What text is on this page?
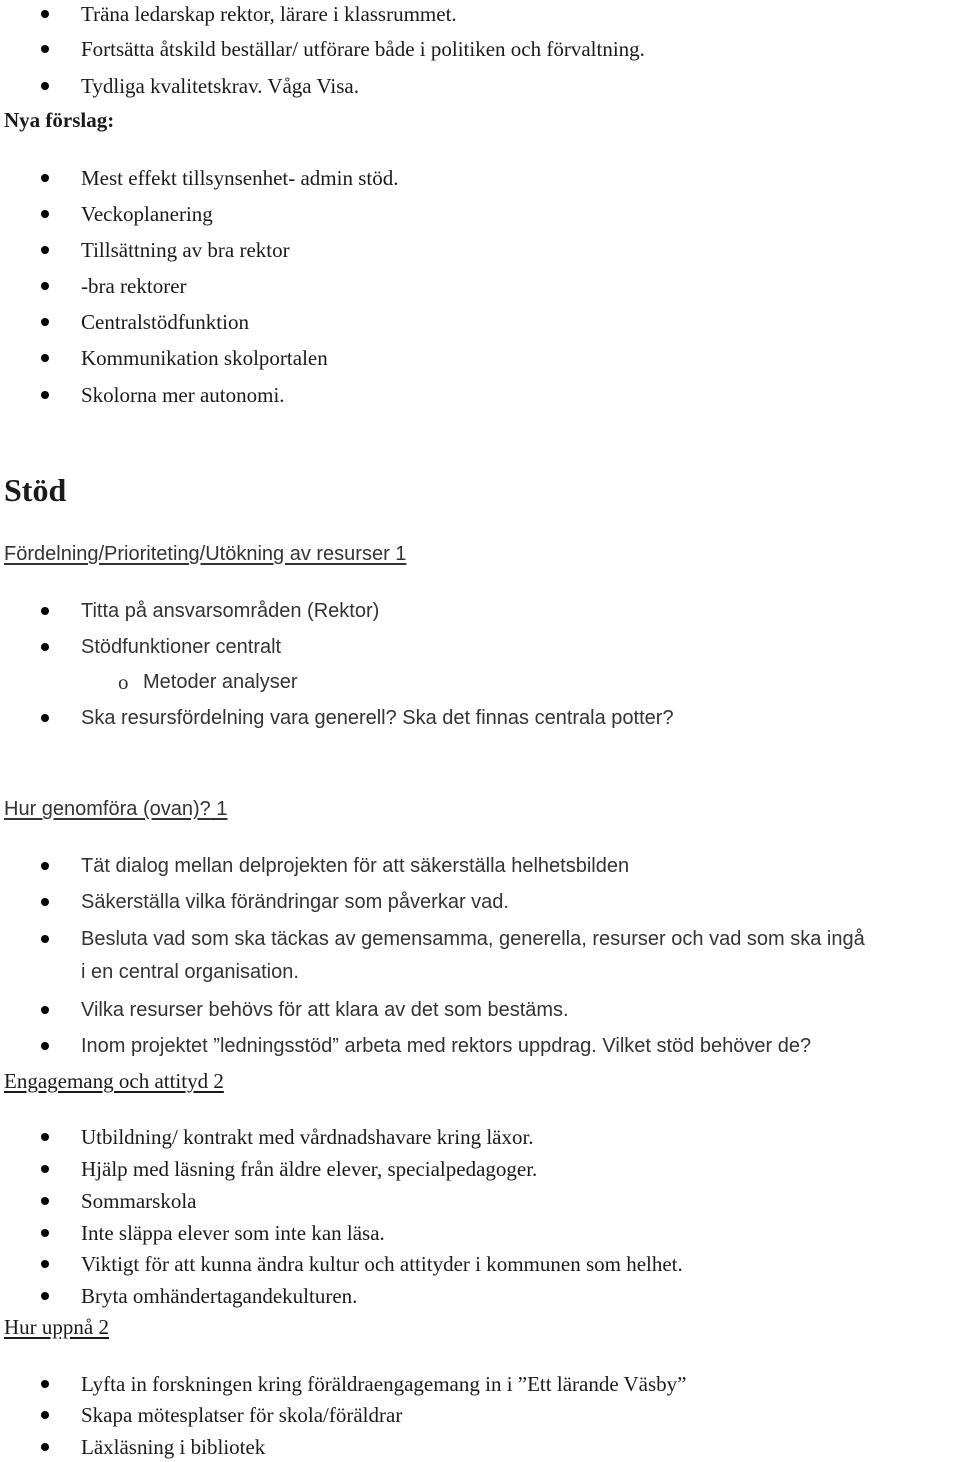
Träna ledarskap rektor, lärare i klassrummet.
Fortsätta åtskild beställar/ utförare både i politiken och förvaltning.
Tydliga kvalitetskrav. Våga Visa.
Nya förslag:
Mest effekt tillsynsenhet- admin stöd.
Veckoplanering
Tillsättning av bra rektor
-bra rektorer
Centralstödfunktion
Kommunikation skolportalen
Skolorna mer autonomi.
Stöd
Fördelning/Prioriteting/Utökning av resurser 1
Titta på ansvarsområden (Rektor)
Stödfunktioner centralt
o Metoder analyser
Ska resursfördelning vara generell? Ska det finnas centrala potter?
Hur genomföra (ovan)? 1
Tät dialog mellan delprojekten för att säkerställa helhetsbilden
Säkerställa vilka förändringar som påverkar vad.
Besluta vad som ska täckas av gemensamma, generella, resurser och vad som ska ingå
i en central organisation.
Vilka resurser behövs för att klara av det som bestäms.
Inom projektet ”ledningsstöd” arbeta med rektors uppdrag. Vilket stöd behöver de?
Engagemang och attityd 2
Utbildning/ kontrakt med vårdnadshavare kring läxor.
Hjälp med läsning från äldre elever, specialpedagoger.
Sommarskola
Inte släppa elever som inte kan läsa.
Viktigt för att kunna ändra kultur och attityder i kommunen som helhet.
Bryta omhändertagandekulturen.
Hur uppnå 2
Lyfta in forskningen kring föräldraengagemang in i ”Ett lärande Väsby”
Skapa mötesplatser för skola/föräldrar
Läxläsning i bibliotek
